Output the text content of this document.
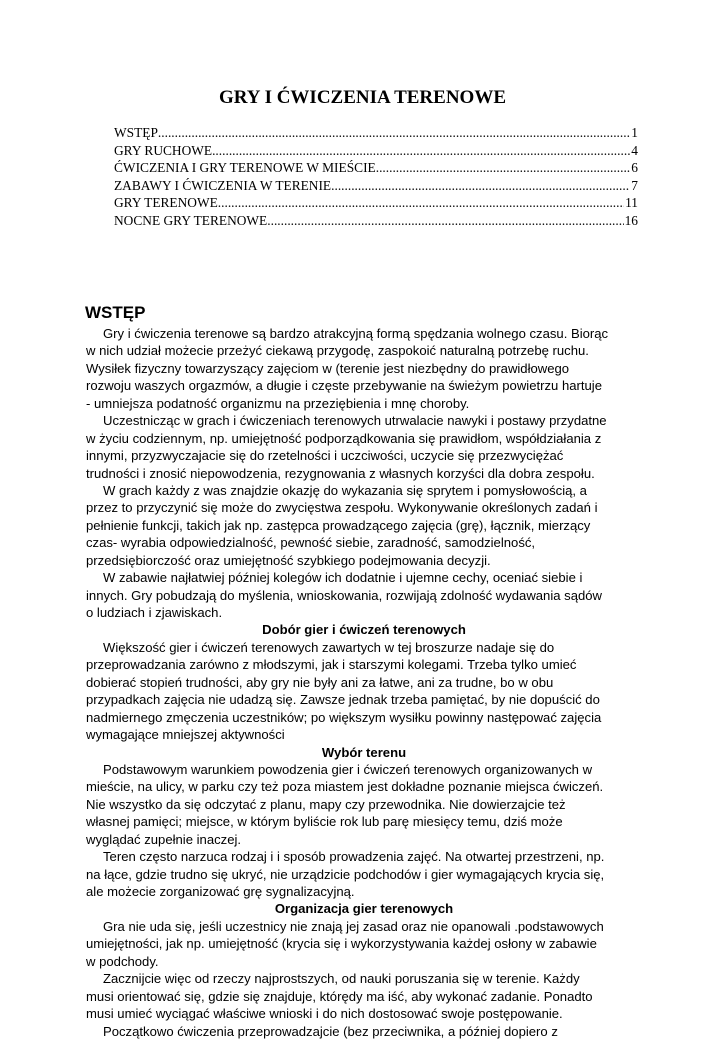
GRY I ĆWICZENIA TERENOWE
WSTĘP .....	1
GRY RUCHOWE .....	4
ĆWICZENIA I GRY TERENOWE W MIEŚCIE .....	6
ZABAWY I ĆWICZENIA W TERENIE .....	7
GRY TERENOWE .....	11
NOCNE GRY TERENOWE .....	16
WSTĘP
Gry i ćwiczenia terenowe są bardzo atrakcyjną formą spędzania wolnego czasu. Biorąc
w nich udział możecie przeżyć ciekawą przygodę, zaspokoić naturalną potrzebę ruchu.
Wysiłek fizyczny towarzyszący zajęciom w (terenie jest niezbędny do prawidłowego
rozwoju waszych orgazmów, a długie i częste przebywanie na świeżym powietrzu hartuje
- umniejsza podatność organizmu na przeziębienia i mnę choroby.
Uczestnicząc w grach i ćwiczeniach terenowych utrwalacie nawyki i postawy przydatne
w życiu codziennym, np. umiejętność podporządkowania się prawidłom, współdziałania z
innymi, przyzwyczajacie się do rzetelności i uczciwości, uczycie się przezwyciężać
trudności i znosić niepowodzenia, rezygnowania z własnych korzyści dla dobra zespołu.
W grach każdy z was znajdzie okazję do wykazania się sprytem i pomysłowością, a
przez to przyczynić się może do zwycięstwa zespołu. Wykonywanie określonych zadań i
pełnienie funkcji, takich jak np. zastępca prowadzącego zajęcia (grę), łącznik, mierzący
czas- wyrabia odpowiedzialność, pewność siebie, zaradność, samodzielność,
przedsiębiorczość oraz umiejętność szybkiego podejmowania decyzji.
W zabawie najłatwiej później kolegów ich dodatnie i ujemne cechy, oceniać siebie i
innych. Gry pobudzają do myślenia, wnioskowania, rozwijają zdolność wydawania sądów
o ludziach i zjawiskach.
Dobór gier i ćwiczeń terenowych
Większość gier i ćwiczeń terenowych zawartych w tej broszurze nadaje się do
przeprowadzania zarówno z młodszymi, jak i starszymi kolegami. Trzeba tylko umieć
dobierać stopień trudności, aby gry nie były ani za łatwe, ani za trudne, bo w obu
przypadkach zajęcia nie udadzą się. Zawsze jednak trzeba pamiętać, by nie dopuścić do
nadmiernego zmęczenia uczestników; po większym wysiłku powinny następować zajęcia
wymagające mniejszej aktywności
Wybór terenu
Podstawowym warunkiem powodzenia gier i ćwiczeń terenowych organizowanych w
mieście, na ulicy, w parku czy też poza miastem jest dokładne poznanie miejsca ćwiczeń.
Nie wszystko da się odczytać z planu, mapy czy przewodnika. Nie dowierzajcie też
własnej pamięci; miejsce, w którym byliście rok lub parę miesięcy temu, dziś może
wyglądać zupełnie inaczej.
Teren często narzuca rodzaj i i sposób prowadzenia zajęć. Na otwartej przestrzeni, np.
na łące, gdzie trudno się ukryć, nie urządzicie podchodów i gier wymagających krycia się,
ale możecie zorganizować grę sygnalizacyjną.
Organizacja gier terenowych
Gra nie uda się, jeśli uczestnicy nie znają jej zasad oraz nie opanowali .podstawowych
umiejętności, jak np. umiejętność (krycia się i wykorzystywania każdej osłony w zabawie
w podchody.
Zacznijcie więc od rzeczy najprostszych, od nauki poruszania się w terenie. Każdy
musi orientować się, gdzie się znajduje, którędy ma iść, aby wykonać zadanie. Ponadto
musi umieć wyciągać właściwe wnioski i do nich dostosować swoje postępowanie.
Początkowo ćwiczenia przeprowadzajcie (bez przeciwnika, a później dopiero z
